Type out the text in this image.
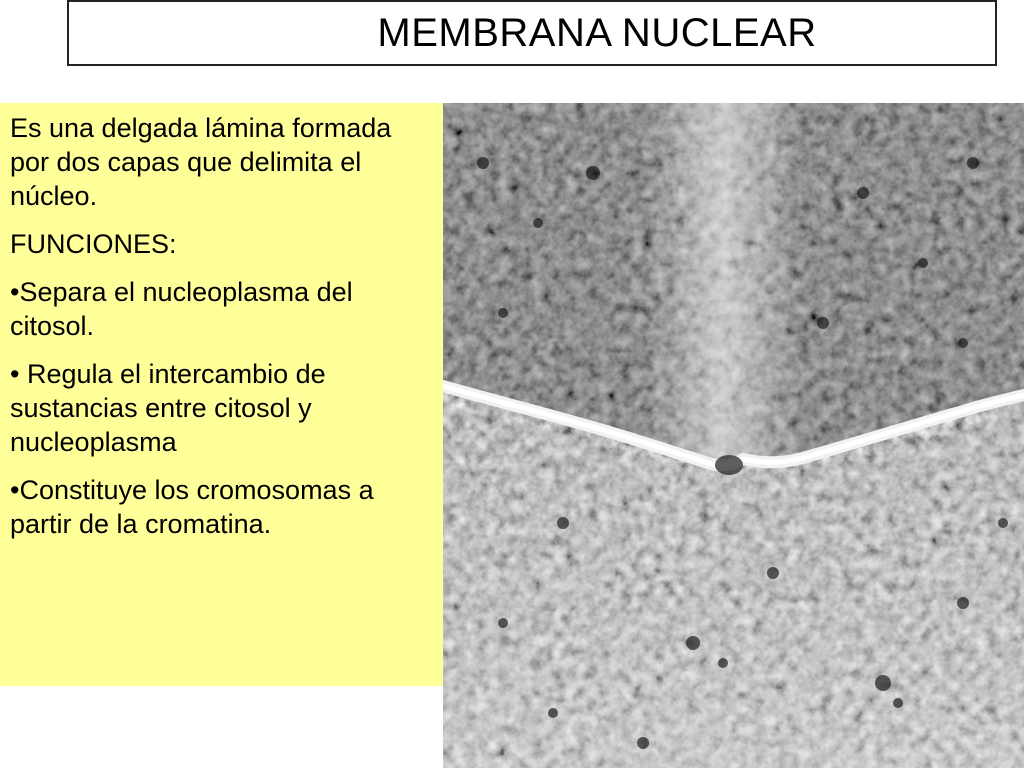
MEMBRANA NUCLEAR

Es una delgada lámina formada por dos capas que delimita el núcleo.

FUNCIONES:

•Separa el nucleoplasma del citosol.

• Regula el intercambio de sustancias entre citosol y nucleoplasma

•Constituye los cromosomas a partir de la cromatina.
